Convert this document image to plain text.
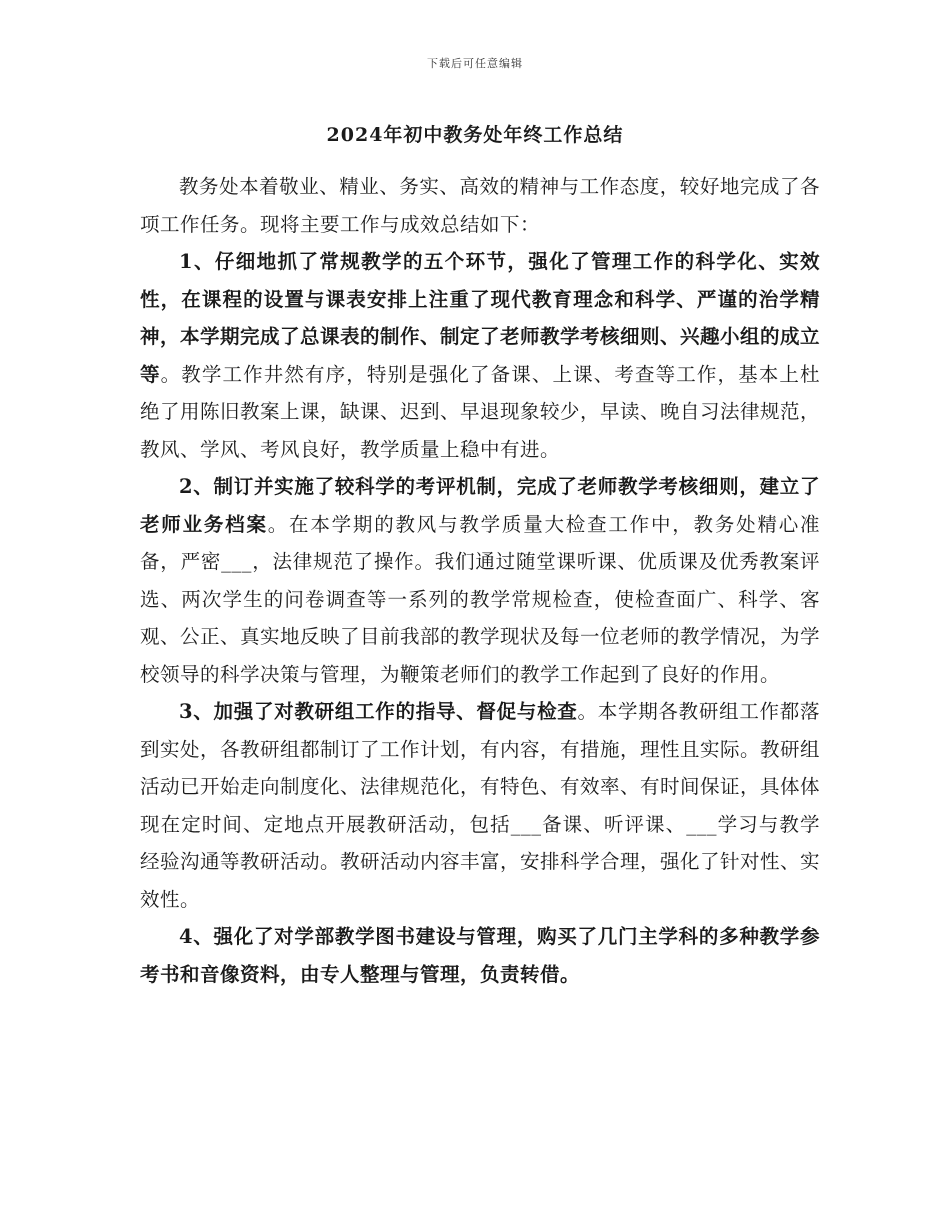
下载后可任意编辑
2024年初中教务处年终工作总结

教务处本着敬业、精业、务实、高效的精神与工作态度，较好地完成了各项工作任务。现将主要工作与成效总结如下：

1、仔细地抓了常规教学的五个环节，强化了管理工作的科学化、实效性，在课程的设置与课表安排上注重了现代教育理念和科学、严谨的治学精神，本学期完成了总课表的制作、制定了老师教学考核细则、兴趣小组的成立等。教学工作井然有序，特别是强化了备课、上课、考查等工作，基本上杜绝了用陈旧教案上课，缺课、迟到、早退现象较少，早读、晚自习法律规范，教风、学风、考风良好，教学质量上稳中有进。

2、制订并实施了较科学的考评机制，完成了老师教学考核细则，建立了老师业务档案。在本学期的教风与教学质量大检查工作中，教务处精心准备，严密___，法律规范了操作。我们通过随堂课听课、优质课及优秀教案评选、两次学生的问卷调查等一系列的教学常规检查，使检查面广、科学、客观、公正、真实地反映了目前我部的教学现状及每一位老师的教学情况，为学校领导的科学决策与管理，为鞭策老师们的教学工作起到了良好的作用。

3、加强了对教研组工作的指导、督促与检查。本学期各教研组工作都落到实处，各教研组都制订了工作计划，有内容，有措施，理性且实际。教研组活动已开始走向制度化、法律规范化，有特色、有效率、有时间保证，具体体现在定时间、定地点开展教研活动，包括___备课、听评课、___学习与教学经验沟通等教研活动。教研活动内容丰富，安排科学合理，强化了针对性、实效性。

4、强化了对学部教学图书建设与管理，购买了几门主学科的多种教学参考书和音像资料，由专人整理与管理，负责转借。
